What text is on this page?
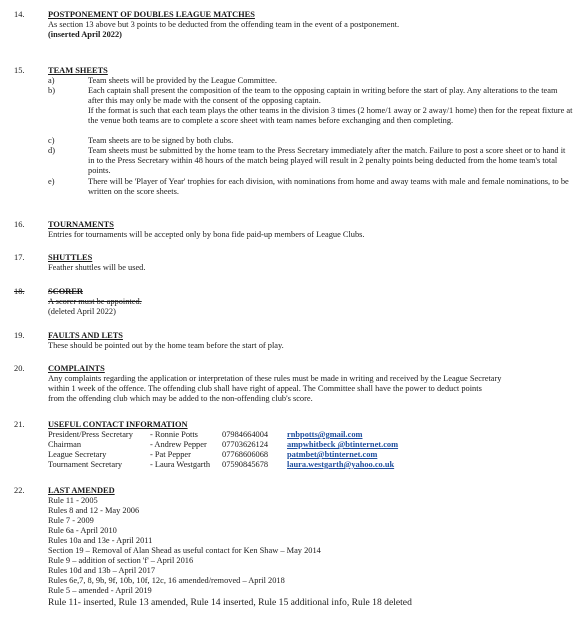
14.	POSTPONEMENT OF DOUBLES LEAGUE MATCHES
As section 13 above but 3 points to be deducted from the offending team in the event of a postponement.
(inserted April 2022)
15.	TEAM SHEETS
a)	Team sheets will be provided by the League Committee.
b)	Each captain shall present the composition of the team to the opposing captain in writing before the start of play. Any alterations to the team after this may only be made with the consent of the opposing captain.
If the format is such that each team plays the other teams in the division 3 times (2 home/1 away or 2 away/1 home) then for the repeat fixture at the venue both teams are to complete a score sheet with team names before exchanging and then completing.
c)	Team sheets are to be signed by both clubs.
d)	Team sheets must be submitted by the home team to the Press Secretary immediately after the match. Failure to post a score sheet or to hand it in to the Press Secretary within 48 hours of the match being played will result in 2 penalty points being deducted from the home team's total points.
e)	There will be 'Player of Year' trophies for each division, with nominations from home and away teams with male and female nominations, to be written on the score sheets.
16.	TOURNAMENTS
Entries for tournaments will be accepted only by bona fide paid-up members of League Clubs.
17.	SHUTTLES
Feather shuttles will be used.
18.	SCORER
A scorer must be appointed.
(deleted April 2022)
19.	FAULTS AND LETS
These should be pointed out by the home team before the start of play.
20.	COMPLAINTS
Any complaints regarding the application or interpretation of these rules must be made in writing and received by the League Secretary
within 1 week of the offence. The offending club shall have right of appeal. The Committee shall have the power to deduct points
from the offending club which may be added to the non-offending club's score.
21.	USEFUL CONTACT INFORMATION
President/Press Secretary - Ronnie Potts	07984664004 rnbpotts@gmail.com
Chairman	- Andrew Pepper 07703626124 ampwhitbeck @btinternet.com
League Secretary	- Pat Pepper	07768606068 patmbet@btinternet.com
Tournament Secretary	- Laura Westgarth 07590845678 laura.westgarth@yahoo.co.uk
22.	LAST AMENDED
Rule 11 - 2005
Rules 8 and 12 - May 2006
Rule 7 - 2009
Rule 6a - April 2010
Rules 10a and 13e - April 2011
Section 19 – Removal of Alan Shead as useful contact for Ken Shaw – May 2014
Rule 9 – addition of section 'f' – April 2016
Rules 10d and 13b – April 2017
Rules 6e,7, 8, 9b, 9f, 10b, 10f, 12c, 16 amended/removed – April 2018
Rule 5 – amended - April 2019
Rule 11- inserted, Rule 13 amended, Rule 14 inserted, Rule 15 additional info, Rule 18 deleted
